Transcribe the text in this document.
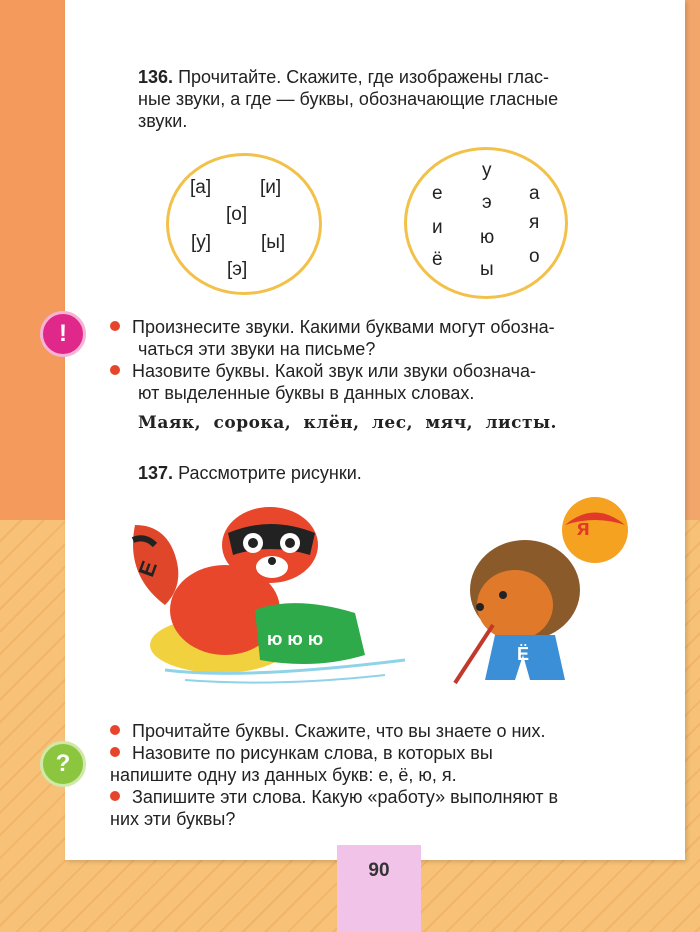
136. Прочитайте. Скажите, где изображены глас-
ные звуки, а где — буквы, обозначающие гласные
звуки.
[а]	[и]
[о]
[у]	[ы]
[э]
у
е	а
э
я
и ю
ё ы
о
!	Произнесите звуки. Какими буквами могут обозна-
чаться эти звуки на письме?
Назовите буквы. Какой звук или звуки обознача-
ют выделенные буквы в данных словах.
Маяк, сорока, клён, лес, мяч, листы.
137. Рассмотрите рисунки.
ю ю ю
Е
я
Ё
?
Прочитайте буквы. Скажите, что вы знаете о них.
Назовите по рисункам слова, в которых вы
напишите одну из данных букв: е, ё, ю, я.
Запишите эти слова. Какую «работу» выполняют в
них эти буквы?
90
